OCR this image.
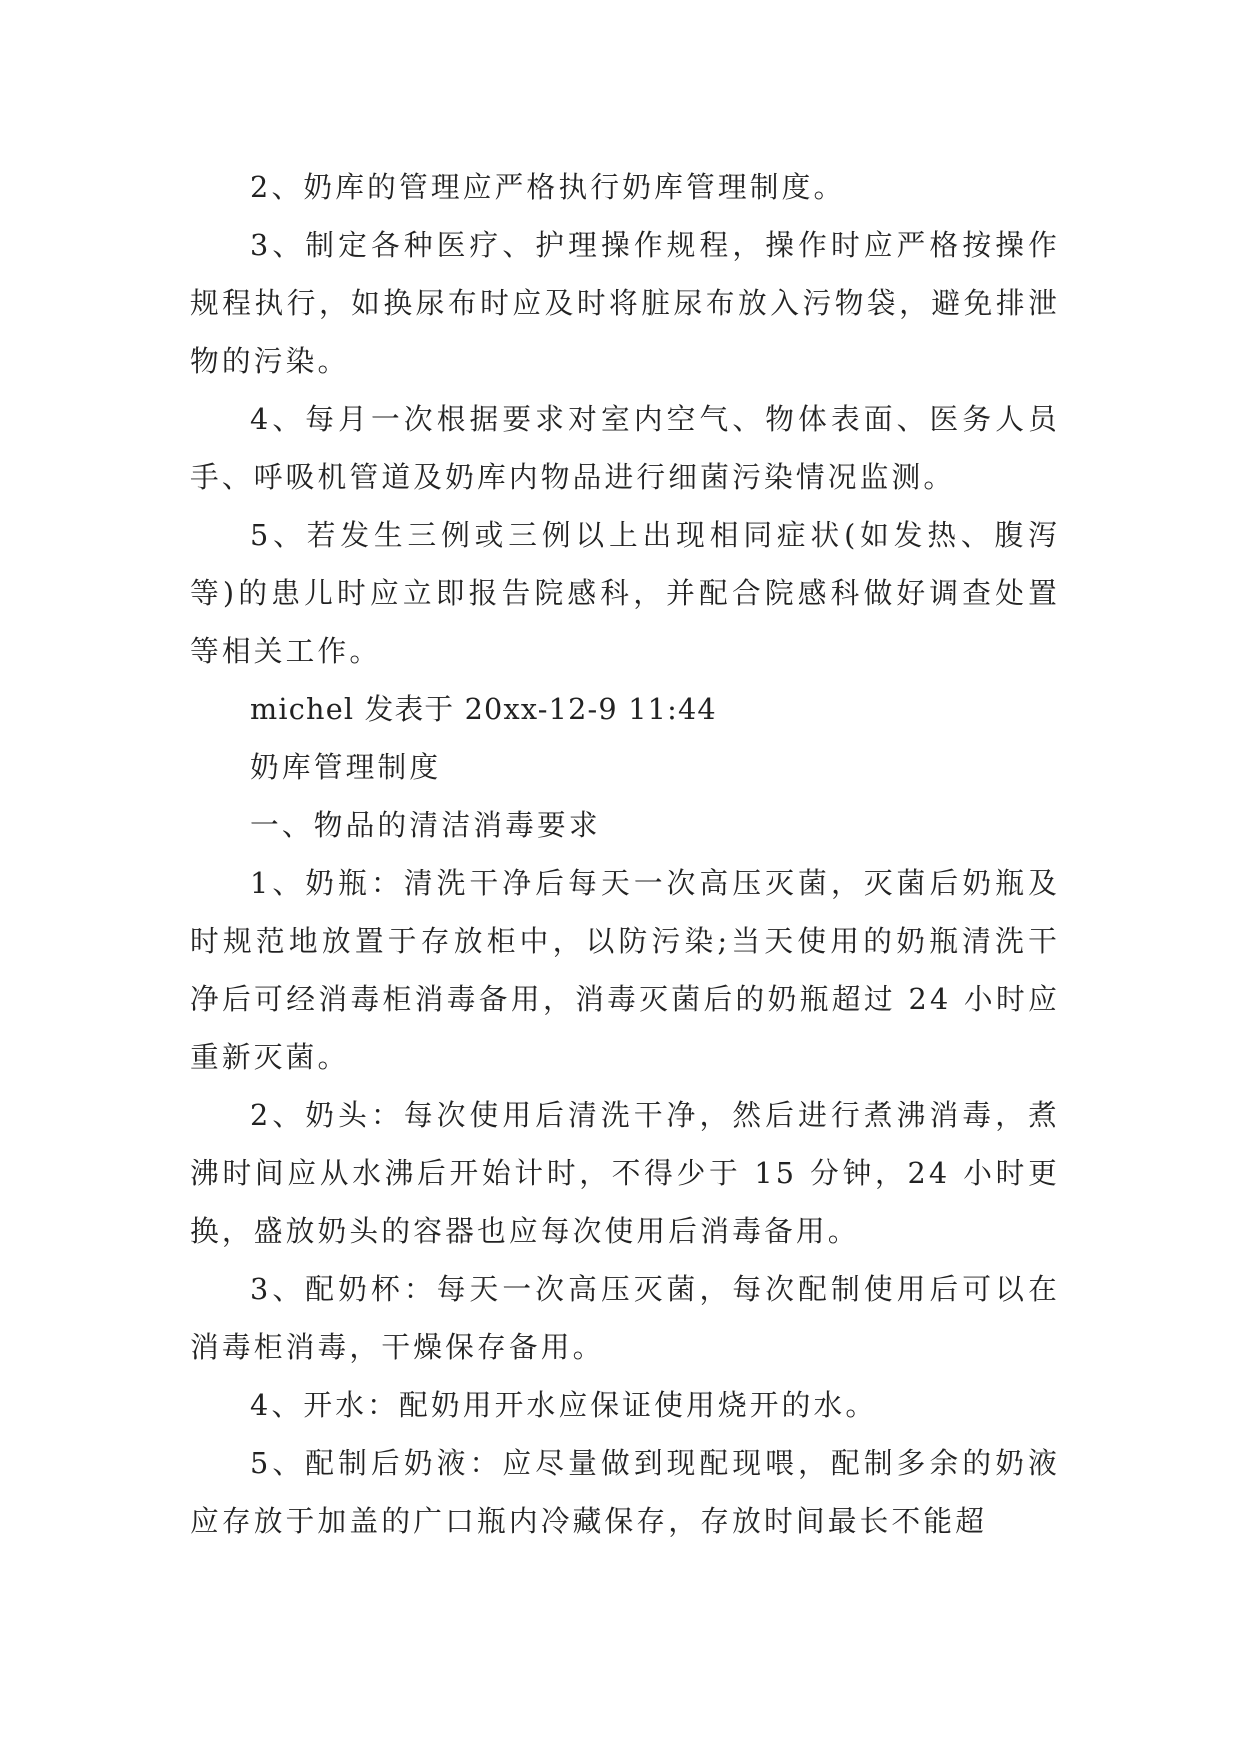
2、奶库的管理应严格执行奶库管理制度。

3、制定各种医疗、护理操作规程，操作时应严格按操作规程执行，如换尿布时应及时将脏尿布放入污物袋，避免排泄物的污染。

4、每月一次根据要求对室内空气、物体表面、医务人员手、呼吸机管道及奶库内物品进行细菌污染情况监测。

5、若发生三例或三例以上出现相同症状(如发热、腹泻等)的患儿时应立即报告院感科，并配合院感科做好调查处置等相关工作。

michel 发表于 20xx-12-9 11:44

奶库管理制度

一、物品的清洁消毒要求

1、奶瓶：清洗干净后每天一次高压灭菌，灭菌后奶瓶及时规范地放置于存放柜中，以防污染;当天使用的奶瓶清洗干净后可经消毒柜消毒备用，消毒灭菌后的奶瓶超过 24 小时应重新灭菌。

2、奶头：每次使用后清洗干净，然后进行煮沸消毒，煮沸时间应从水沸后开始计时，不得少于 15 分钟，24 小时更换，盛放奶头的容器也应每次使用后消毒备用。

3、配奶杯：每天一次高压灭菌，每次配制使用后可以在消毒柜消毒，干燥保存备用。

4、开水：配奶用开水应保证使用烧开的水。

5、配制后奶液：应尽量做到现配现喂，配制多余的奶液应存放于加盖的广口瓶内冷藏保存，存放时间最长不能超
